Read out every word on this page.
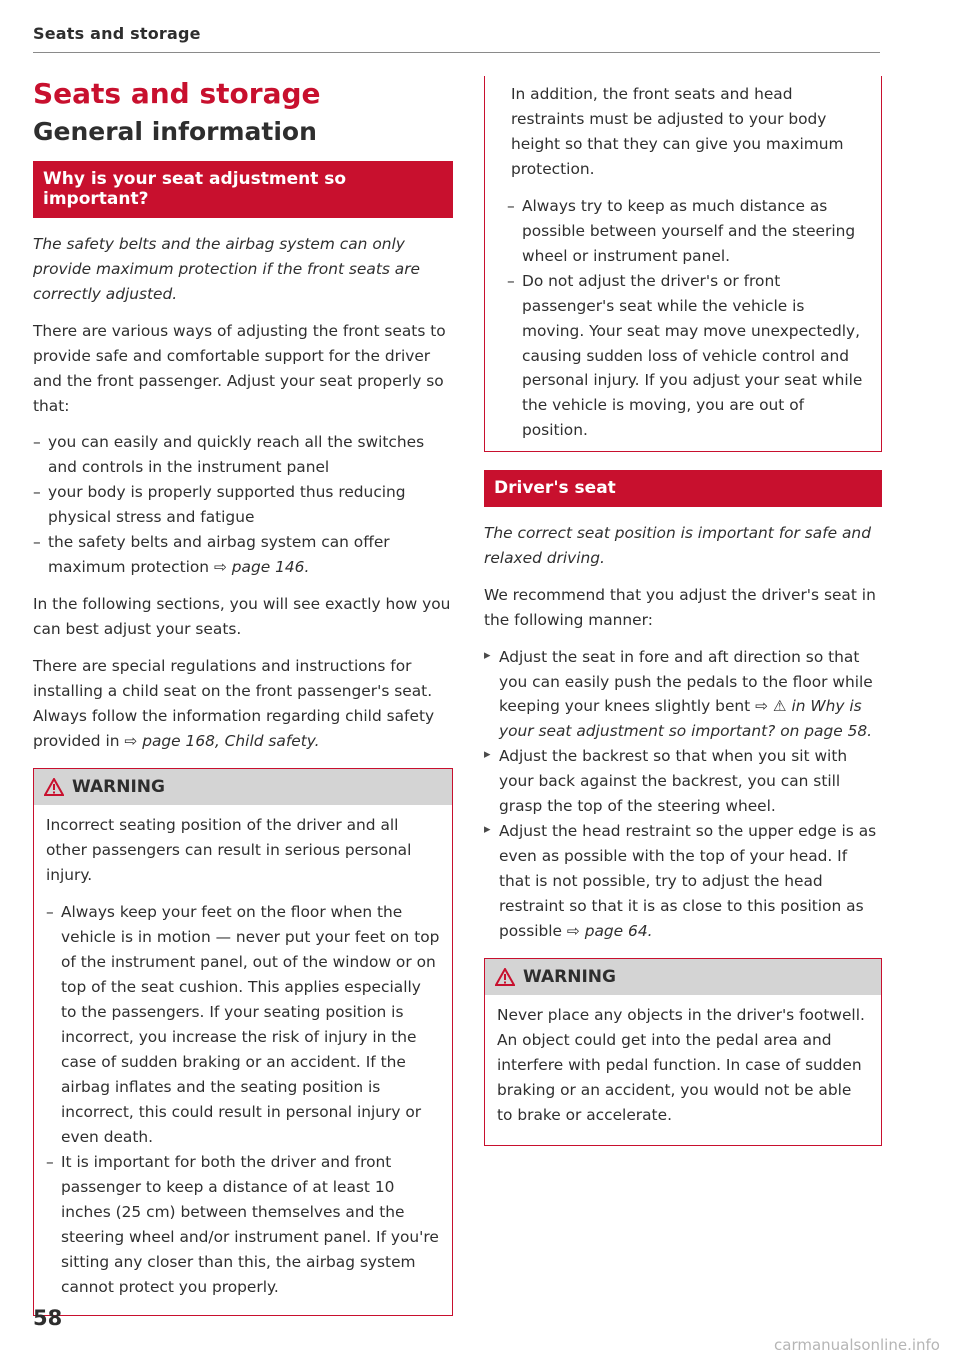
Seats and storage
Seats and storage
General information
Why is your seat adjustment so important?

The safety belts and the airbag system can only provide maximum protection if the front seats are correctly adjusted.

There are various ways of adjusting the front seats to provide safe and comfortable support for the driver and the front passenger. Adjust your seat properly so that:

– you can easily and quickly reach all the switches and controls in the instrument panel
– your body is properly supported thus reducing physical stress and fatigue
– the safety belts and airbag system can offer maximum protection ⇨ page 146.

In the following sections, you will see exactly how you can best adjust your seats.

There are special regulations and instructions for installing a child seat on the front passenger's seat. Always follow the information regarding child safety provided in ⇨ page 168, Child safety.

WARNING

Incorrect seating position of the driver and all other passengers can result in serious personal injury.

– Always keep your feet on the floor when the vehicle is in motion — never put your feet on top of the instrument panel, out of the window or on top of the seat cushion. This applies especially to the passengers. If your seating position is incorrect, you increase the risk of injury in the case of sudden braking or an accident. If the airbag inflates and the seating position is incorrect, this could result in personal injury or even death.
– It is important for both the driver and front passenger to keep a distance of at least 10 inches (25 cm) between themselves and the steering wheel and/or instrument panel. If you're sitting any closer than this, the airbag system cannot protect you properly.

In addition, the front seats and head restraints must be adjusted to your body height so that they can give you maximum protection.

– Always try to keep as much distance as possible between yourself and the steering wheel or instrument panel.
– Do not adjust the driver's or front passenger's seat while the vehicle is moving. Your seat may move unexpectedly, causing sudden loss of vehicle control and personal injury. If you adjust your seat while the vehicle is moving, you are out of position.
Driver's seat

The correct seat position is important for safe and relaxed driving.

We recommend that you adjust the driver's seat in the following manner:

▸ Adjust the seat in fore and aft direction so that you can easily push the pedals to the floor while keeping your knees slightly bent ⇨ ⚠ in Why is your seat adjustment so important? on page 58.
▸ Adjust the backrest so that when you sit with your back against the backrest, you can still grasp the top of the steering wheel.
▸ Adjust the head restraint so the upper edge is as even as possible with the top of your head. If that is not possible, try to adjust the head restraint so that it is as close to this position as possible ⇨ page 64.
WARNING

Never place any objects in the driver's footwell. An object could get into the pedal area and interfere with pedal function. In case of sudden braking or an accident, you would not be able to brake or accelerate.

58
carmanualsonline.info
